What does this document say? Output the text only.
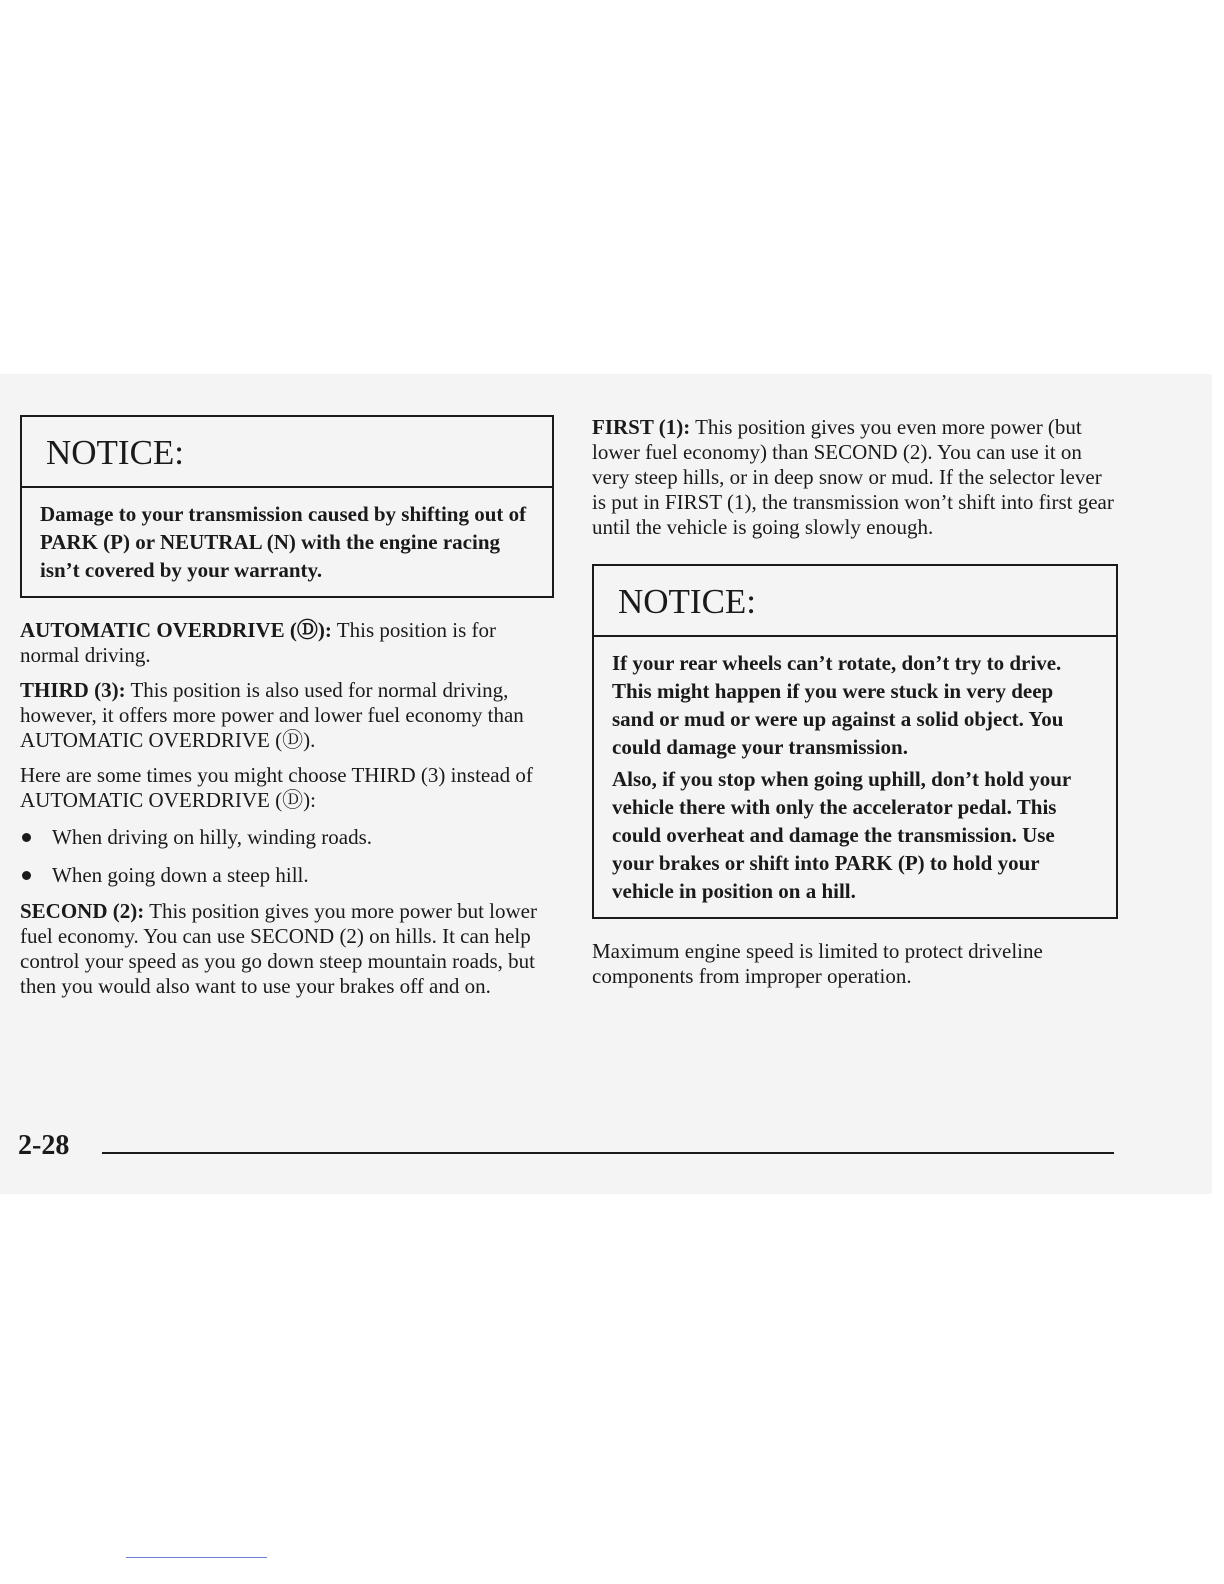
NOTICE:

Damage to your transmission caused by shifting out of PARK (P) or NEUTRAL (N) with the engine racing isn’t covered by your warranty.

AUTOMATIC OVERDRIVE (Ⓓ): This position is for normal driving.

THIRD (3): This position is also used for normal driving, however, it offers more power and lower fuel economy than AUTOMATIC OVERDRIVE (Ⓓ).

Here are some times you might choose THIRD (3) instead of AUTOMATIC OVERDRIVE (Ⓓ):

When driving on hilly, winding roads.
When going down a steep hill.

SECOND (2): This position gives you more power but lower fuel economy. You can use SECOND (2) on hills. It can help control your speed as you go down steep mountain roads, but then you would also want to use your brakes off and on.

FIRST (1): This position gives you even more power (but lower fuel economy) than SECOND (2). You can use it on very steep hills, or in deep snow or mud. If the selector lever is put in FIRST (1), the transmission won’t shift into first gear until the vehicle is going slowly enough.

NOTICE:

If your rear wheels can’t rotate, don’t try to drive. This might happen if you were stuck in very deep sand or mud or were up against a solid object. You could damage your transmission.

Also, if you stop when going uphill, don’t hold your vehicle there with only the accelerator pedal. This could overheat and damage the transmission. Use your brakes or shift into PARK (P) to hold your vehicle in position on a hill.

Maximum engine speed is limited to protect driveline components from improper operation.

2-28
